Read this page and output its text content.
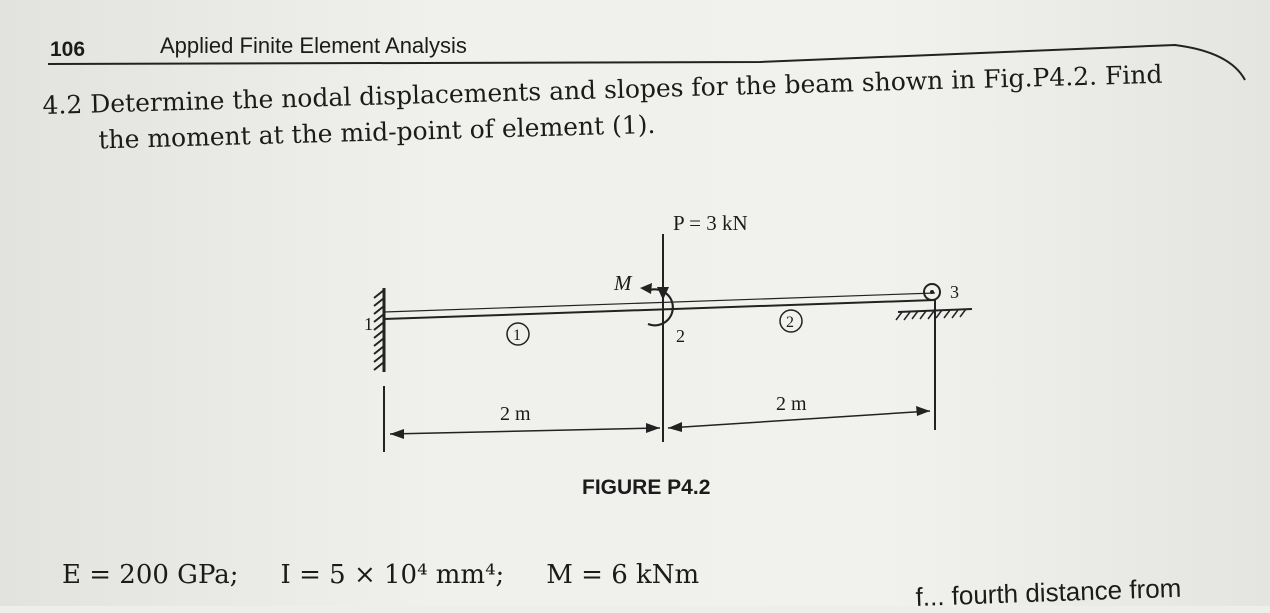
106	Applied Finite Element Analysis
4.2 Determine the nodal displacements and slopes for the beam shown in Fig.P4.2. Find
the moment at the mid-point of element (1).
P = 3 kN
M
1
2
3
1
2
2 m	2 m
FIGURE P4.2
E = 200 GPa; I = 5 × 10⁴ mm⁴; M = 6 kNm	f... fourth distance from
